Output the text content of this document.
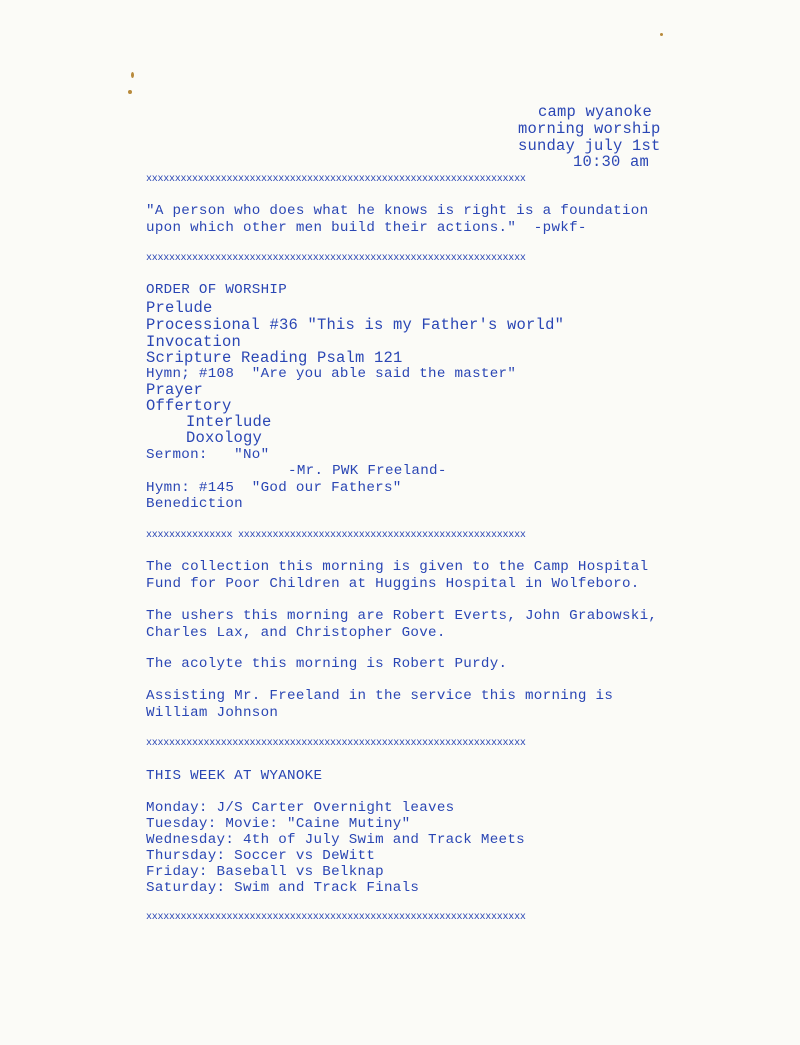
camp wyanoke
morning worship
sunday july 1st
10:30 am
xxxxxxxxxxxxxxxxxxxxxxxxxxxxxxxxxxxxxxxxxxxxxxxxxxxxxxxxxxxxxxxxxx
"A person who does what he knows is right is a foundation
upon which other men build their actions."  -pwkf-
xxxxxxxxxxxxxxxxxxxxxxxxxxxxxxxxxxxxxxxxxxxxxxxxxxxxxxxxxxxxxxxxxx
ORDER OF WORSHIP
Prelude
Processional #36 "This is my Father's world"
Invocation
Scripture Reading Psalm 121
Hymn; #108  "Are you able said the master"
Prayer
Offertory
Interlude
Doxology
Sermon:   "No"
-Mr. PWK Freeland-
Hymn: #145  "God our Fathers"
Benediction
xxxxxxxxxxxxxxx xxxxxxxxxxxxxxxxxxxxxxxxxxxxxxxxxxxxxxxxxxxxxxxxxx
The collection this morning is given to the Camp Hospital
Fund for Poor Children at Huggins Hospital in Wolfeboro.
The ushers this morning are Robert Everts, John Grabowski,
Charles Lax, and Christopher Gove.
The acolyte this morning is Robert Purdy.
Assisting Mr. Freeland in the service this morning is
William Johnson
xxxxxxxxxxxxxxxxxxxxxxxxxxxxxxxxxxxxxxxxxxxxxxxxxxxxxxxxxxxxxxxxxx
THIS WEEK AT WYANOKE
Monday: J/S Carter Overnight leaves
Tuesday: Movie: "Caine Mutiny"
Wednesday: 4th of July Swim and Track Meets
Thursday: Soccer vs DeWitt
Friday: Baseball vs Belknap
Saturday: Swim and Track Finals
xxxxxxxxxxxxxxxxxxxxxxxxxxxxxxxxxxxxxxxxxxxxxxxxxxxxxxxxxxxxxxxxxx
